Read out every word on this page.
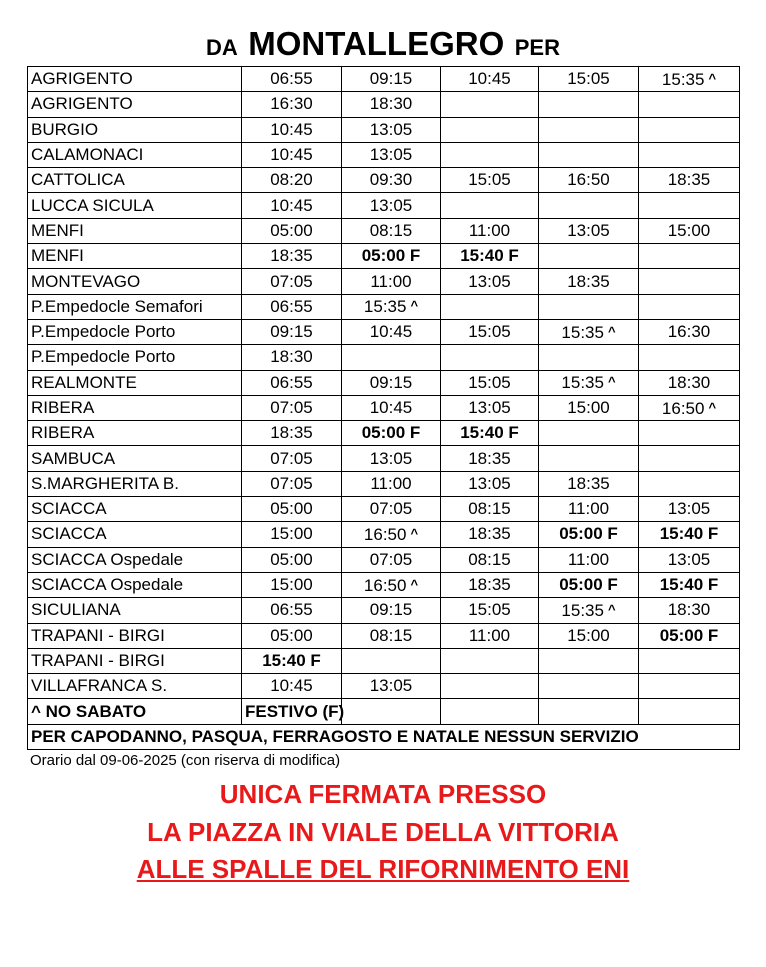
DA MONTALLEGRO PER
AGRIGENTO	06:55	09:15	10:45	15:05	15:35 ^
AGRIGENTO	16:30	18:30			
BURGIO	10:45	13:05			
CALAMONACI	10:45	13:05			
CATTOLICA	08:20	09:30	15:05	16:50	18:35
LUCCA SICULA	10:45	13:05			
MENFI	05:00	08:15	11:00	13:05	15:00
MENFI	18:35	05:00 F	15:40 F		
MONTEVAGO	07:05	11:00	13:05	18:35	
P.Empedocle Semafori	06:55	15:35 ^			
P.Empedocle Porto	09:15	10:45	15:05	15:35 ^	16:30
P.Empedocle Porto	18:30				
REALMONTE	06:55	09:15	15:05	15:35 ^	18:30
RIBERA	07:05	10:45	13:05	15:00	16:50 ^
RIBERA	18:35	05:00 F	15:40 F		
SAMBUCA	07:05	13:05	18:35		
S.MARGHERITA B.	07:05	11:00	13:05	18:35	
SCIACCA	05:00	07:05	08:15	11:00	13:05
SCIACCA	15:00	16:50 ^	18:35	05:00 F	15:40 F
SCIACCA Ospedale	05:00	07:05	08:15	11:00	13:05
SCIACCA Ospedale	15:00	16:50 ^	18:35	05:00 F	15:40 F
SICULIANA	06:55	09:15	15:05	15:35 ^	18:30
TRAPANI - BIRGI	05:00	08:15	11:00	15:00	05:00 F
TRAPANI - BIRGI	15:40 F				
VILLAFRANCA S.	10:45	13:05			
^ NO SABATO	FESTIVO (F)				
PER CAPODANNO, PASQUA, FERRAGOSTO E NATALE NESSUN SERVIZIO					
Orario dal 09-06-2025 (con riserva di modifica)
UNICA FERMATA PRESSO
LA PIAZZA IN VIALE DELLA VITTORIA
ALLE SPALLE DEL RIFORNIMENTO ENI
